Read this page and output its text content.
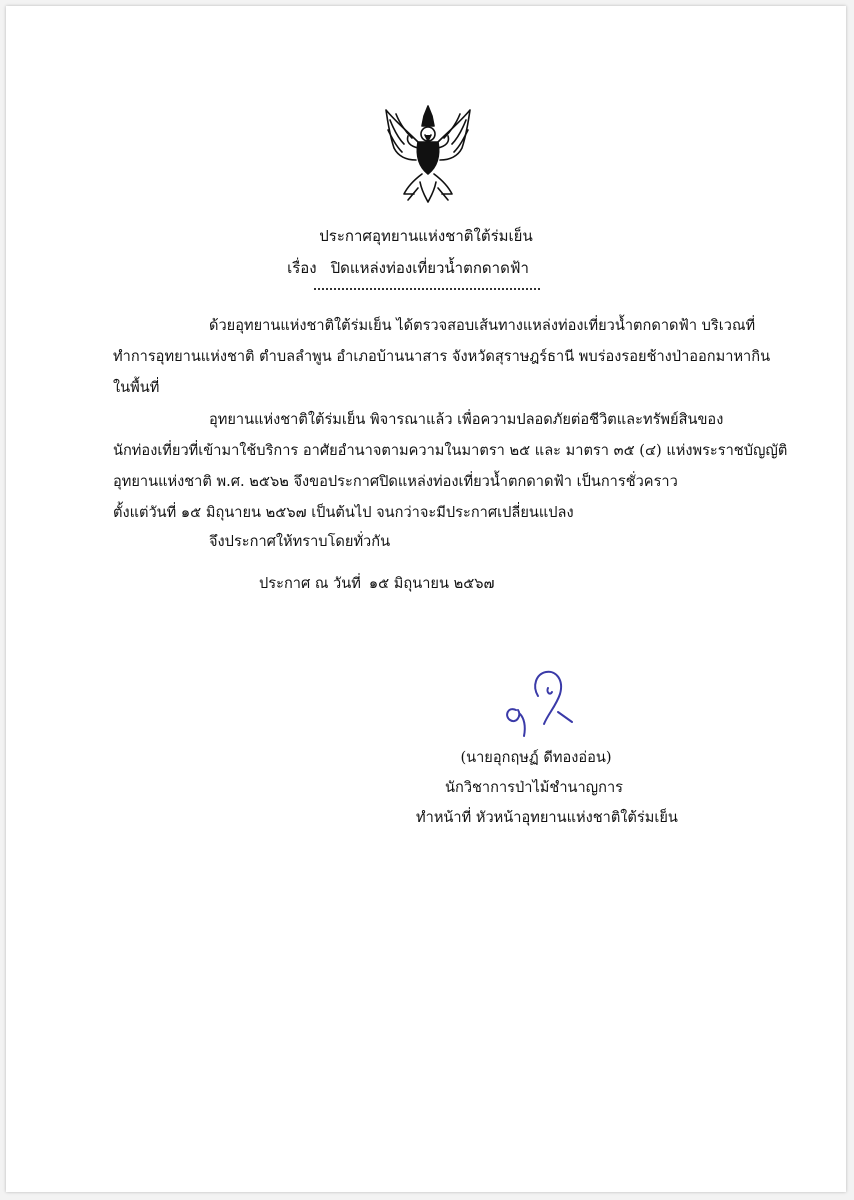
ประกาศอุทยานแห่งชาติใต้ร่มเย็น
เรื่อง ปิดแหล่งท่องเที่ยวน้ำตกดาดฟ้า
ด้วยอุทยานแห่งชาติใต้ร่มเย็น ได้ตรวจสอบเส้นทางแหล่งท่องเที่ยวน้ำตกดาดฟ้า บริเวณที่
ทำการอุทยานแห่งชาติ ตำบลลำพูน อำเภอบ้านนาสาร จังหวัดสุราษฎร์ธานี พบร่องรอยช้างป่าออกมาหากิน
ในพื้นที่
อุทยานแห่งชาติใต้ร่มเย็น พิจารณาแล้ว เพื่อความปลอดภัยต่อชีวิตและทรัพย์สินของ
นักท่องเที่ยวที่เข้ามาใช้บริการ อาศัยอำนาจตามความในมาตรา ๒๕ และ มาตรา ๓๕ (๔) แห่งพระราชบัญญัติ
อุทยานแห่งชาติ พ.ศ. ๒๕๖๒ จึงขอประกาศปิดแหล่งท่องเที่ยวน้ำตกดาดฟ้า เป็นการชั่วคราว
ตั้งแต่วันที่ ๑๕ มิถุนายน ๒๕๖๗ เป็นต้นไป จนกว่าจะมีประกาศเปลี่ยนแปลง
จึงประกาศให้ทราบโดยทั่วกัน
ประกาศ ณ วันที่ ๑๕ มิถุนายน ๒๕๖๗
(นายอุกฤษฏ์ ดีทองอ่อน)
นักวิชาการป่าไม้ชำนาญการ
ทำหน้าที่ หัวหน้าอุทยานแห่งชาติใต้ร่มเย็น
